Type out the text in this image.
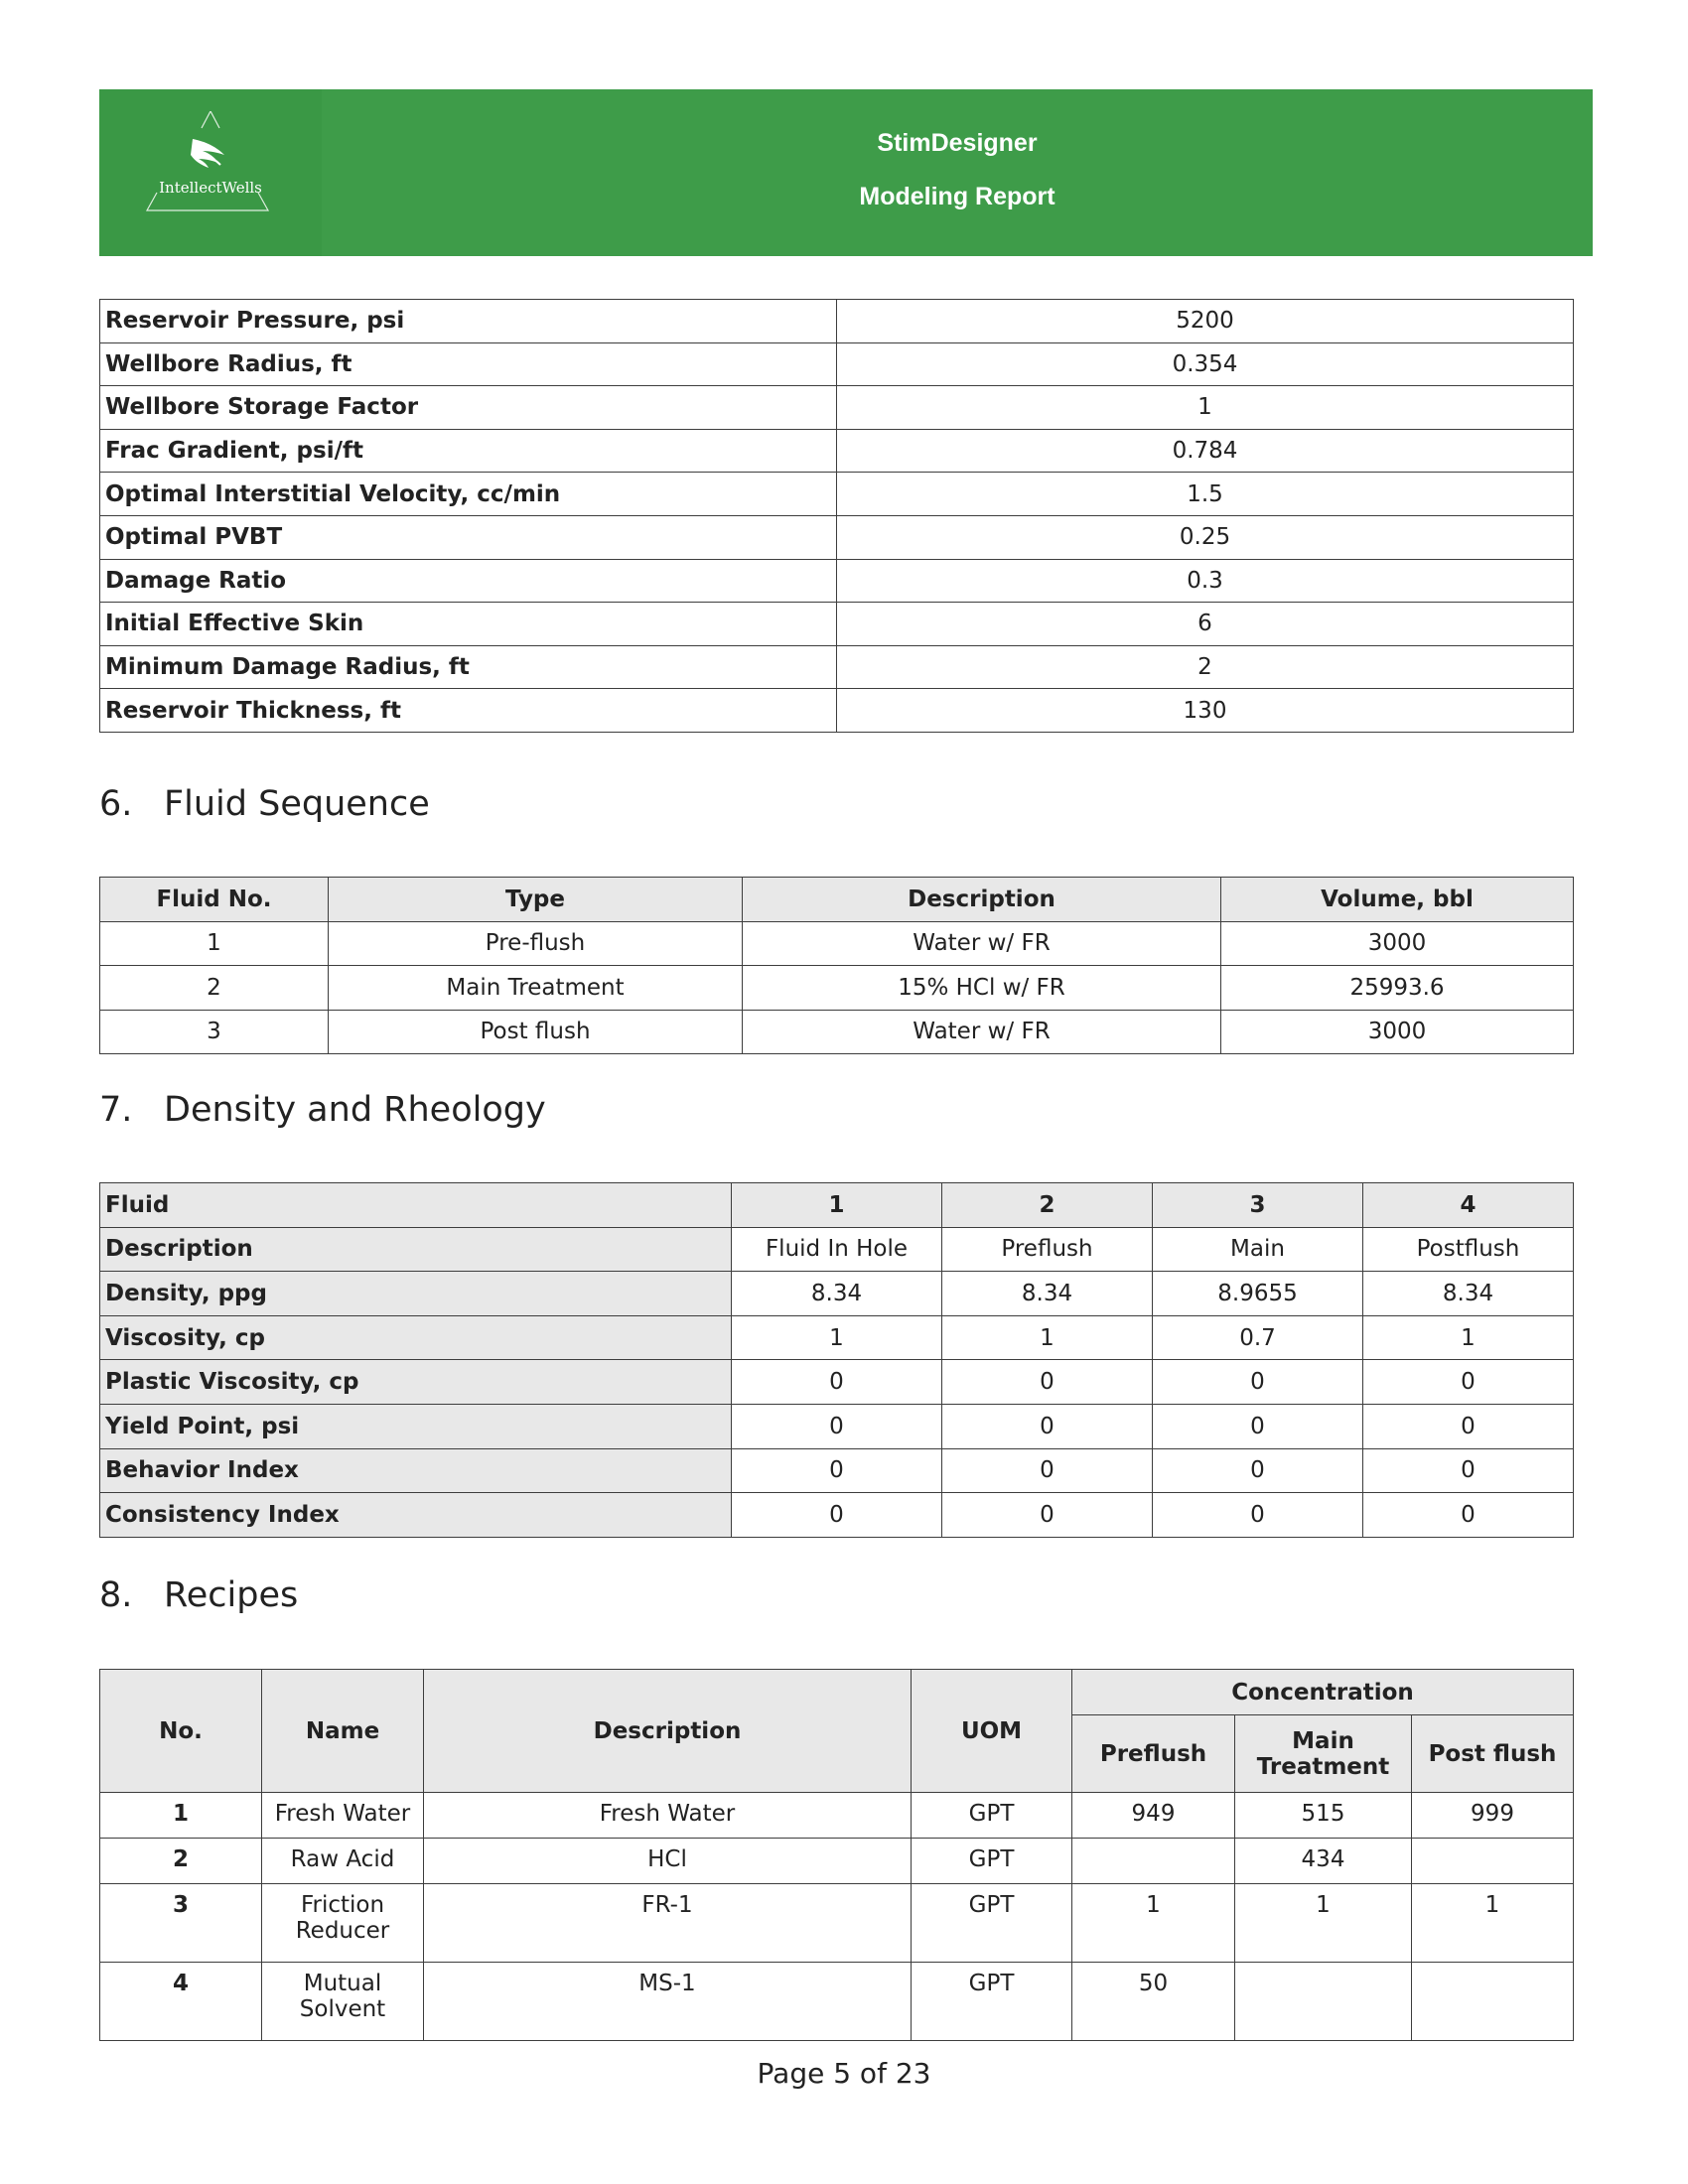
IntellectWells
StimDesigner
Modeling Report
Reservoir Pressure, psi	5200
Wellbore Radius, ft	0.354
Wellbore Storage Factor	1
Frac Gradient, psi/ft	0.784
Optimal Interstitial Velocity, cc/min	1.5
Optimal PVBT	0.25
Damage Ratio	0.3
Initial Effective Skin	6
Minimum Damage Radius, ft	2
Reservoir Thickness, ft	130
6. Fluid Sequence
Fluid No.	Type	Description	Volume, bbl
1	Pre-flush	Water w/ FR	3000
2	Main Treatment	15% HCl w/ FR	25993.6
3	Post flush	Water w/ FR	3000
7. Density and Rheology
Fluid	1	2	3	4
Description	Fluid In Hole	Preflush	Main	Postflush
Density, ppg	8.34	8.34	8.9655	8.34
Viscosity, cp	1	1	0.7	1
Plastic Viscosity, cp	0	0	0	0
Yield Point, psi	0	0	0	0
Behavior Index	0	0	0	0
Consistency Index	0	0	0	0
8. Recipes
No.	Name	Description	UOM	Concentration		
				Preflush	Main Treatment	Post flush
1	Fresh Water	Fresh Water	GPT	949	515	999
2	Raw Acid	HCl	GPT		434	
3	Friction Reducer	FR-1	GPT	1	1	1
4	Mutual Solvent	MS-1	GPT	50		
Page 5 of 23
